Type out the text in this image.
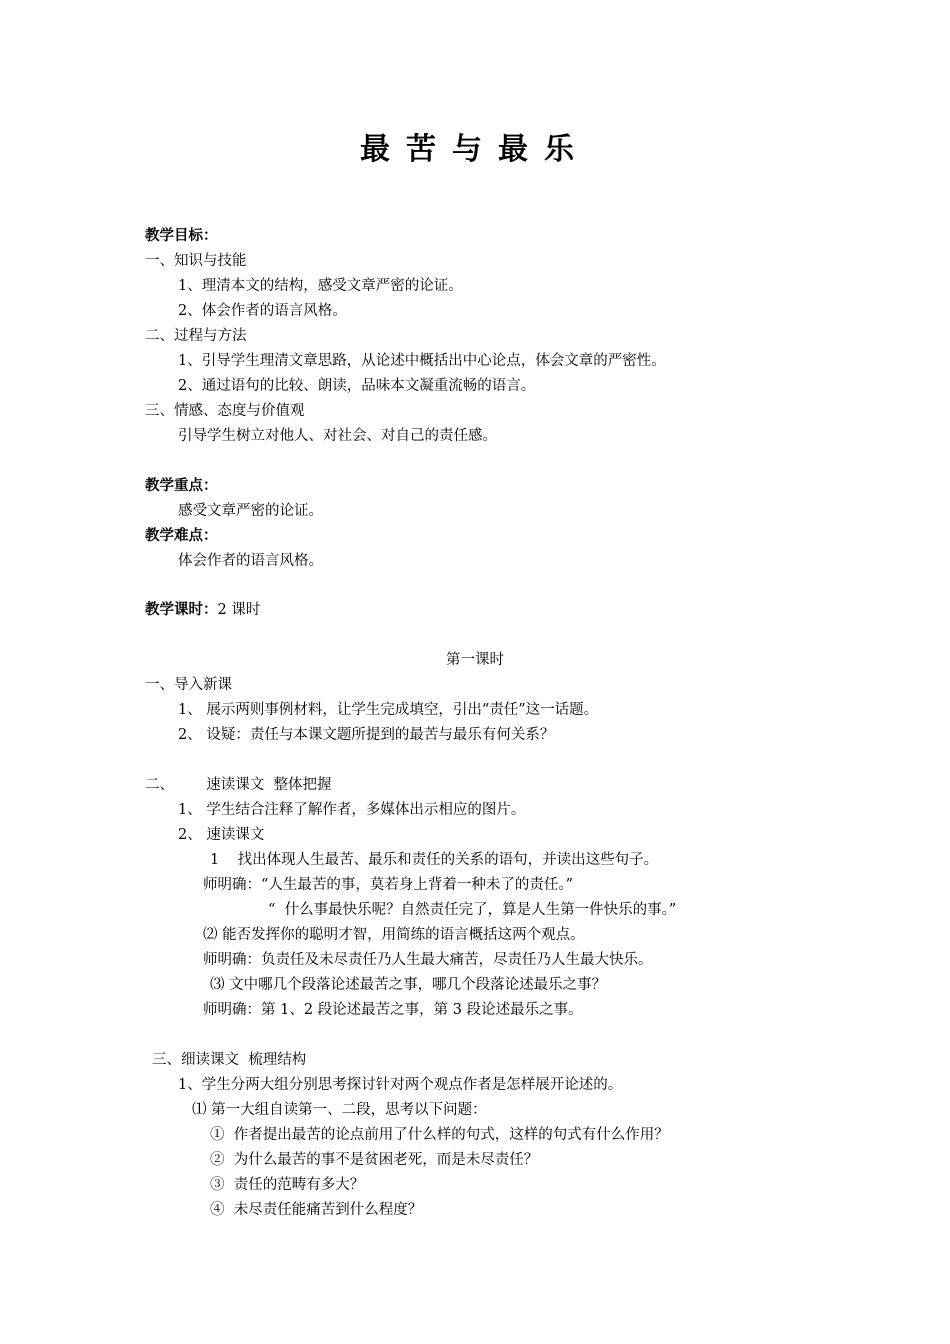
最苦与最乐
教学目标：
一、知识与技能
1、理清本文的结构，感受文章严密的论证。
2、体会作者的语言风格。
二、过程与方法
1、引导学生理清文章思路，从论述中概括出中心论点，体会文章的严密性。
2、通过语句的比较、朗读，品味本文凝重流畅的语言。
三、情感、态度与价值观
引导学生树立对他人、对社会、对自己的责任感。
教学重点：
感受文章严密的论证。
教学难点：
体会作者的语言风格。
教学课时：2 课时
第一课时
一、导入新课
1、 展示两则事例材料，让学生完成填空，引出“责任”这一话题。
2、 设疑：责任与本课文题所提到的最苦与最乐有何关系？
二、       速读课文  整体把握
1、 学生结合注释了解作者，多媒体出示相应的图片。
2、 速读课文
1    找出体现人生最苦、最乐和责任的关系的语句，并读出这些句子。
师明确：“人生最苦的事，莫若身上背着一种未了的责任。”
“  什么事最快乐呢？自然责任完了，算是人生第一件快乐的事。”
⑵ 能否发挥你的聪明才智，用简练的语言概括这两个观点。
师明确：负责任及未尽责任乃人生最大痛苦，尽责任乃人生最大快乐。
⑶ 文中哪几个段落论述最苦之事，哪几个段落论述最乐之事？
师明确：第 1、2 段论述最苦之事，第 3 段论述最乐之事。
三、细读课文  梳理结构
1、学生分两大组分别思考探讨针对两个观点作者是怎样展开论述的。
⑴ 第一大组自读第一、二段，思考以下问题：
①  作者提出最苦的论点前用了什么样的句式，这样的句式有什么作用？
②  为什么最苦的事不是贫困老死，而是未尽责任？
③  责任的范畴有多大？
④  未尽责任能痛苦到什么程度？
